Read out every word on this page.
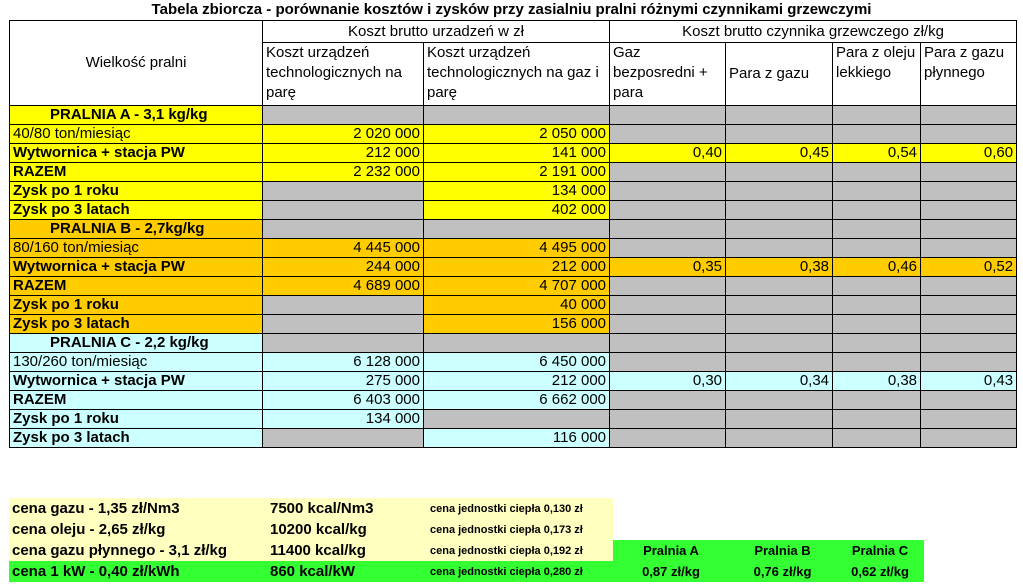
Tabela zbiorcza - porównanie kosztów i zysków przy zasialniu pralni różnymi czynnikami grzewczymi
Wielkość pralni	Koszt brutto urzadzeń w zł		Koszt brutto czynnika grzewczego zł/kg			
	Koszt urządzeń technologicznych na parę	Koszt urządzeń technologicznych na gaz i parę	Gaz bezposredni + para	Para z gazu	Para z oleju lekkiego	Para z gazu płynnego
PRALNIA A - 3,1 kg/kg						
40/80 ton/miesiąc	2 020 000	2 050 000				
Wytwornica + stacja PW	212 000	141 000	0,40	0,45	0,54	0,60
RAZEM	2 232 000	2 191 000				
Zysk po 1 roku		134 000				
Zysk po 3 latach		402 000				
PRALNIA B - 2,7kg/kg						
80/160 ton/miesiąc	4 445 000	4 495 000				
Wytwornica + stacja PW	244 000	212 000	0,35	0,38	0,46	0,52
RAZEM	4 689 000	4 707 000				
Zysk po 1 roku		40 000				
Zysk po 3 latach		156 000				
PRALNIA C - 2,2 kg/kg						
130/260 ton/miesiąc	6 128 000	6 450 000				
Wytwornica + stacja PW	275 000	212 000	0,30	0,34	0,38	0,43
RAZEM	6 403 000	6 662 000				
Zysk po 1 roku	134 000					
Zysk po 3 latach		116 000				
cena gazu - 1,35 zł/Nm3	7500 kcal/Nm3	cena jednostki ciepła 0,130 zł			
cena oleju - 2,65 zł/kg	10200 kcal/kg	cena jednostki ciepła 0,173 zł			
cena gazu płynnego - 3,1 zł/kg	11400 kcal/kg	cena jednostki ciepła 0,192 zł	Pralnia A	Pralnia B	Pralnia C
cena 1 kW - 0,40 zł/kWh	860 kcal/kW	cena jednostki ciepła 0,280 zł	0,87 zł/kg	0,76 zł/kg	0,62 zł/kg
